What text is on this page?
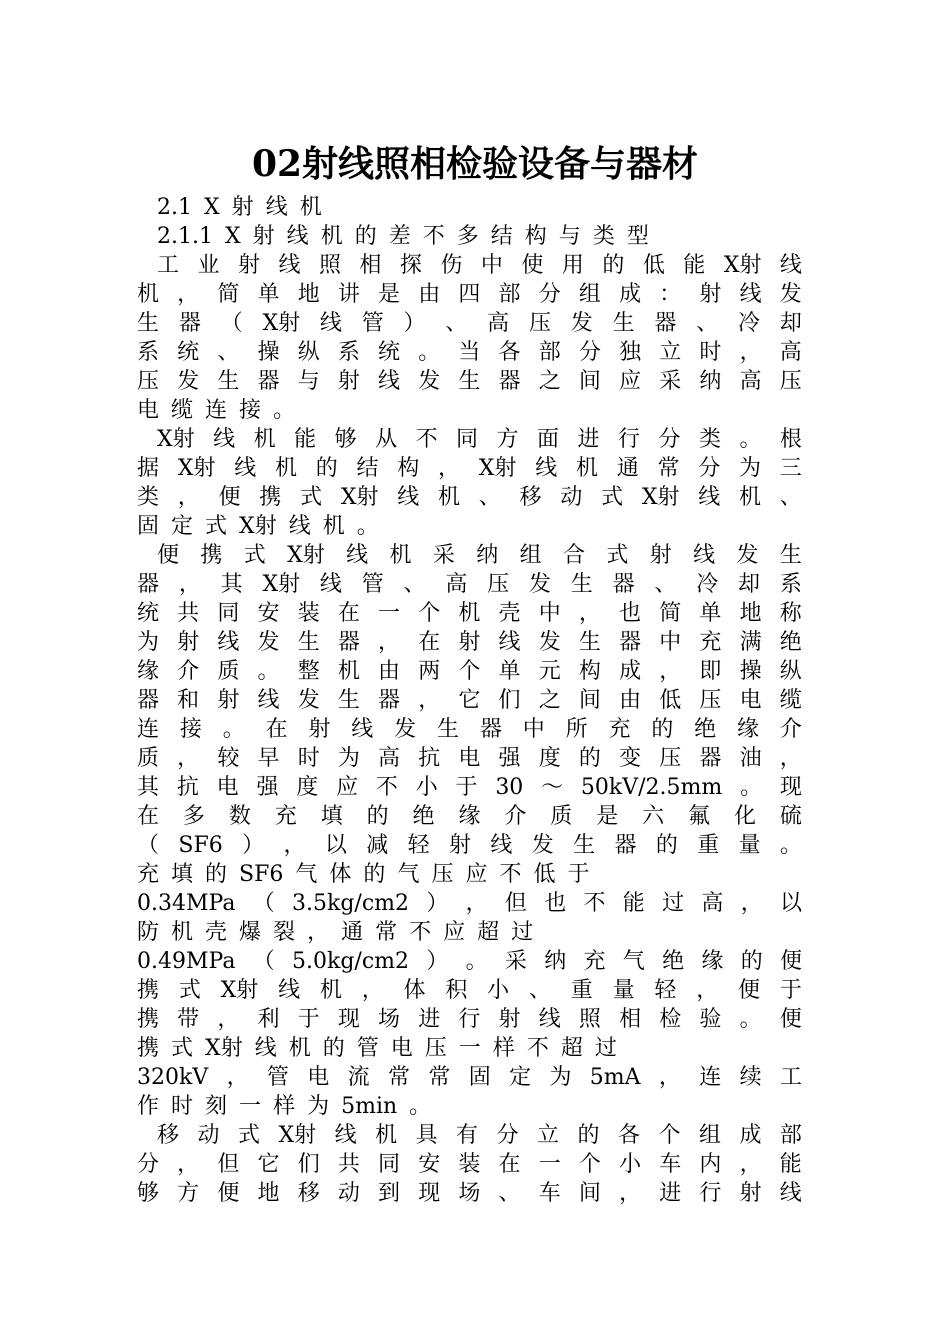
02射线照相检验设备与器材
2.1 X 射 线 机
2.1.1 X 射 线 机 的 差 不 多 结 构 与 类 型
工 业 射 线 照 相 探 伤 中 使 用 的 低 能 X射 线
机 ， 简 单 地 讲 是 由 四 部 分 组 成 ： 射 线 发
生 器 （ X射 线 管 ） 、 高 压 发 生 器 、 冷 却
系 统 、 操 纵 系 统 。 当 各 部 分 独 立 时 ， 高
压 发 生 器 与 射 线 发 生 器 之 间 应 采 纳 高 压
电 缆 连 接 。
X射 线 机 能 够 从 不 同 方 面 进 行 分 类 。 根
据 X射 线 机 的 结 构 ， X射 线 机 通 常 分 为 三
类 ， 便 携 式 X射 线 机 、 移 动 式 X射 线 机 、
固 定 式 X射 线 机 。
便 携 式 X射 线 机 采 纳 组 合 式 射 线 发 生
器 ， 其 X射 线 管 、 高 压 发 生 器 、 冷 却 系
统 共 同 安 装 在 一 个 机 壳 中 ， 也 简 单 地 称
为 射 线 发 生 器 ， 在 射 线 发 生 器 中 充 满 绝
缘 介 质 。 整 机 由 两 个 单 元 构 成 ， 即 操 纵
器 和 射 线 发 生 器 ， 它 们 之 间 由 低 压 电 缆
连 接 。 在 射 线 发 生 器 中 所 充 的 绝 缘 介
质 ， 较 早 时 为 高 抗 电 强 度 的 变 压 器 油 ，
其 抗 电 强 度 应 不 小 于 30 ～ 50kV/2.5mm 。 现
在 多 数 充 填 的 绝 缘 介 质 是 六 氟 化 硫
（ SF6 ） ， 以 减 轻 射 线 发 生 器 的 重 量 。
充 填 的 SF6 气 体 的 气 压 应 不 低 于
0.34MPa （ 3.5kg/cm2 ） ， 但 也 不 能 过 高 ， 以
防 机 壳 爆 裂 ， 通 常 不 应 超 过
0.49MPa （ 5.0kg/cm2 ） 。 采 纳 充 气 绝 缘 的 便
携 式 X射 线 机 ， 体 积 小 、 重 量 轻 ， 便 于
携 带 ， 利 于 现 场 进 行 射 线 照 相 检 验 。 便
携 式 X射 线 机 的 管 电 压 一 样 不 超 过
320kV ， 管 电 流 常 常 固 定 为 5mA ， 连 续 工
作 时 刻 一 样 为 5min 。
移 动 式 X射 线 机 具 有 分 立 的 各 个 组 成 部
分 ， 但 它 们 共 同 安 装 在 一 个 小 车 内 ， 能
够 方 便 地 移 动 到 现 场 、 车 间 ， 进 行 射 线
